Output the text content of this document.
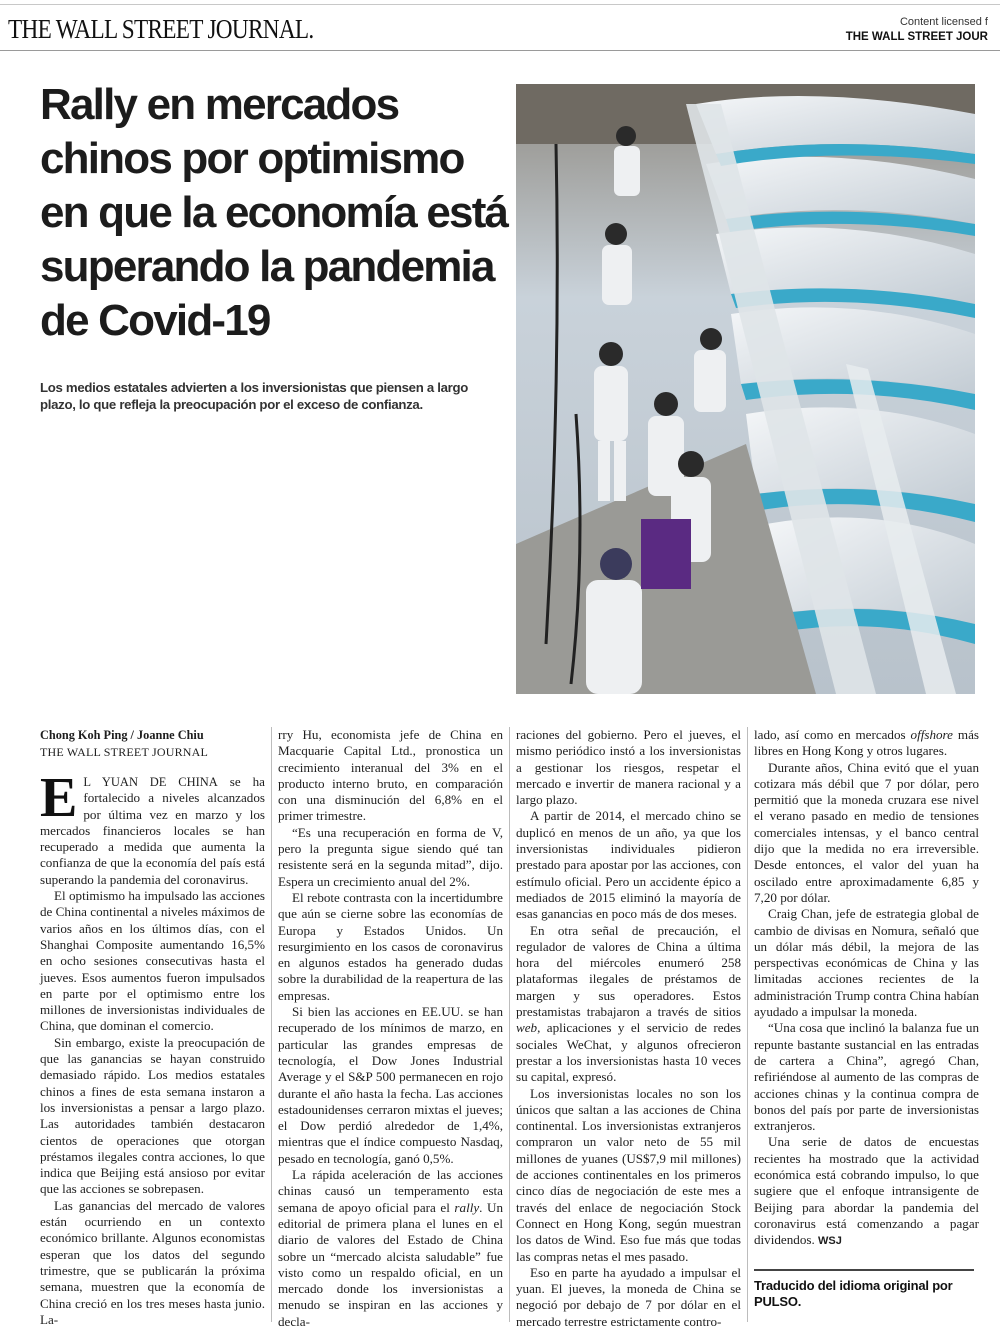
THE WALL STREET JOURNAL.	Content licensed f
THE WALL STREET JOUR
Rally en mercados chinos por optimismo en que la economía está superando la pandemia de Covid-19
Los medios estatales advierten a los inversionistas que piensen a largo plazo, lo que refleja la preocupación por el exceso de confianza.
Chong Koh Ping / Joanne Chiu
THE WALL STREET JOURNAL

EL YUAN DE CHINA se ha fortalecido a niveles alcanzados por última vez en marzo y los mercados financieros locales se han recuperado a medida que aumenta la confianza de que la economía del país está superando la pandemia del coronavirus.

El optimismo ha impulsado las acciones de China continental a niveles máximos de varios años en los últimos días, con el Shanghai Composite aumentando 16,5% en ocho sesiones consecutivas hasta el jueves. Esos aumentos fueron impulsados en parte por el optimismo entre los millones de inversionistas individuales de China, que dominan el comercio.

Sin embargo, existe la preocupación de que las ganancias se hayan construido demasiado rápido. Los medios estatales chinos a fines de esta semana instaron a los inversionistas a pensar a largo plazo. Las autoridades también destacaron cientos de operaciones que otorgan préstamos ilegales contra acciones, lo que indica que Beijing está ansioso por evitar que las acciones se sobrepasen.

Las ganancias del mercado de valores están ocurriendo en un contexto económico brillante. Algunos economistas esperan que los datos del segundo trimestre, que se publicarán la próxima semana, muestren que la economía de China creció en los tres meses hasta junio. La-

rry Hu, economista jefe de China en Macquarie Capital Ltd., pronostica un crecimiento interanual del 3% en el producto interno bruto, en comparación con una disminución del 6,8% en el primer trimestre.

“Es una recuperación en forma de V, pero la pregunta sigue siendo qué tan resistente será en la segunda mitad”, dijo. Espera un crecimiento anual del 2%.

El rebote contrasta con la incertidumbre que aún se cierne sobre las economías de Europa y Estados Unidos. Un resurgimiento en los casos de coronavirus en algunos estados ha generado dudas sobre la durabilidad de la reapertura de las empresas.

Si bien las acciones en EE.UU. se han recuperado de los mínimos de marzo, en particular las grandes empresas de tecnología, el Dow Jones Industrial Average y el S&P 500 permanecen en rojo durante el año hasta la fecha. Las acciones estadounidenses cerraron mixtas el jueves; el Dow perdió alrededor de 1,4%, mientras que el índice compuesto Nasdaq, pesado en tecnología, ganó 0,5%.

La rápida aceleración de las acciones chinas causó un temperamento esta semana de apoyo oficial para el rally. Un editorial de primera plana el lunes en el diario de valores del Estado de China sobre un “mercado alcista saludable” fue visto como un respaldo oficial, en un mercado donde los inversionistas a menudo se inspiran en las acciones y decla-

raciones del gobierno. Pero el jueves, el mismo periódico instó a los inversionistas a gestionar los riesgos, respetar el mercado e invertir de manera racional y a largo plazo.

A partir de 2014, el mercado chino se duplicó en menos de un año, ya que los inversionistas individuales pidieron prestado para apostar por las acciones, con estímulo oficial. Pero un accidente épico a mediados de 2015 eliminó la mayoría de esas ganancias en poco más de dos meses.

En otra señal de precaución, el regulador de valores de China a última hora del miércoles enumeró 258 plataformas ilegales de préstamos de margen y sus operadores. Estos prestamistas trabajaron a través de sitios web, aplicaciones y el servicio de redes sociales WeChat, y algunos ofrecieron prestar a los inversionistas hasta 10 veces su capital, expresó.

Los inversionistas locales no son los únicos que saltan a las acciones de China continental. Los inversionistas extranjeros compraron un valor neto de 55 mil millones de yuanes (US$7,9 mil millones) de acciones continentales en los primeros cinco días de negociación de este mes a través del enlace de negociación Stock Connect en Hong Kong, según muestran los datos de Wind. Eso fue más que todas las compras netas el mes pasado.

Eso en parte ha ayudado a impulsar el yuan. El jueves, la moneda de China se negoció por debajo de 7 por dólar en el mercado terrestre estrictamente contro-

lado, así como en mercados offshore más libres en Hong Kong y otros lugares.

Durante años, China evitó que el yuan cotizara más débil que 7 por dólar, pero permitió que la moneda cruzara ese nivel el verano pasado en medio de tensiones comerciales intensas, y el banco central dijo que la medida no era irreversible. Desde entonces, el valor del yuan ha oscilado entre aproximadamente 6,85 y 7,20 por dólar.

Craig Chan, jefe de estrategia global de cambio de divisas en Nomura, señaló que un dólar más débil, la mejora de las perspectivas económicas de China y las limitadas acciones recientes de la administración Trump contra China habían ayudado a impulsar la moneda.

“Una cosa que inclinó la balanza fue un repunte bastante sustancial en las entradas de cartera a China”, agregó Chan, refiriéndose al aumento de las compras de acciones chinas y la continua compra de bonos del país por parte de inversionistas extranjeros.

Una serie de datos de encuestas recientes ha mostrado que la actividad económica está cobrando impulso, lo que sugiere que el enfoque intransigente de Beijing para abordar la pandemia del coronavirus está comenzando a pagar dividendos. WSJ

Traducido del idioma original por PULSO.
